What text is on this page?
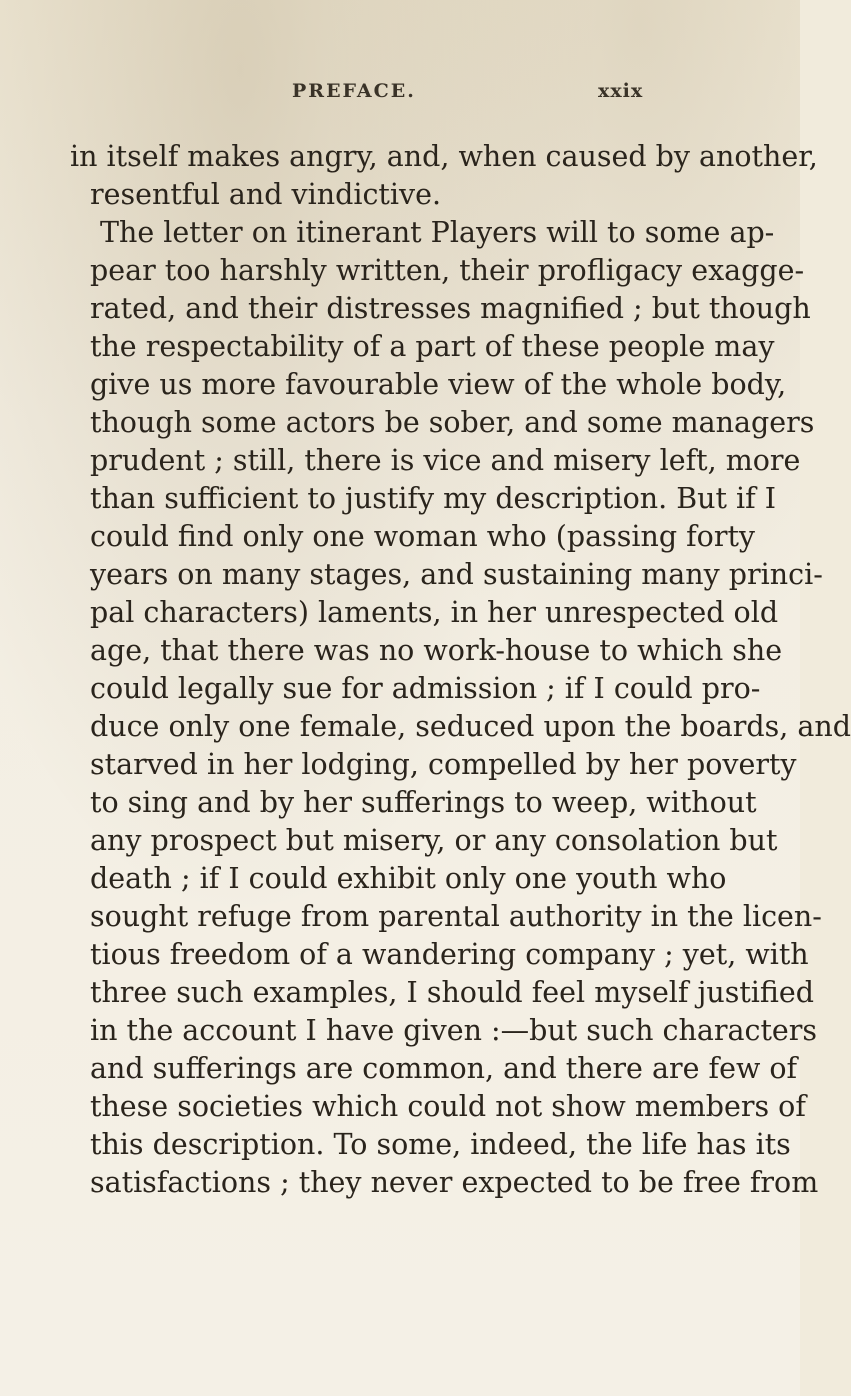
PREFACE.	xxix
in itself makes angry, and, when caused by another,
resentful and vindictive.
The letter on itinerant Players will to some ap-
pear too harshly written, their profligacy exagge-
rated, and their distresses magnified ; but though
the respectability of a part of these people may
give us more favourable view of the whole body,
though some actors be sober, and some managers
prudent ; still, there is vice and misery left, more
than sufficient to justify my description. But if I
could find only one woman who (passing forty
years on many stages, and sustaining many princi-
pal characters) laments, in her unrespected old
age, that there was no work-house to which she
could legally sue for admission ; if I could pro-
duce only one female, seduced upon the boards, and
starved in her lodging, compelled by her poverty
to sing and by her sufferings to weep, without
any prospect but misery, or any consolation but
death ; if I could exhibit only one youth who
sought refuge from parental authority in the licen-
tious freedom of a wandering company ; yet, with
three such examples, I should feel myself justified
in the account I have given :—but such characters
and sufferings are common, and there are few of
these societies which could not show members of
this description. To some, indeed, the life has its
satisfactions ; they never expected to be free from
